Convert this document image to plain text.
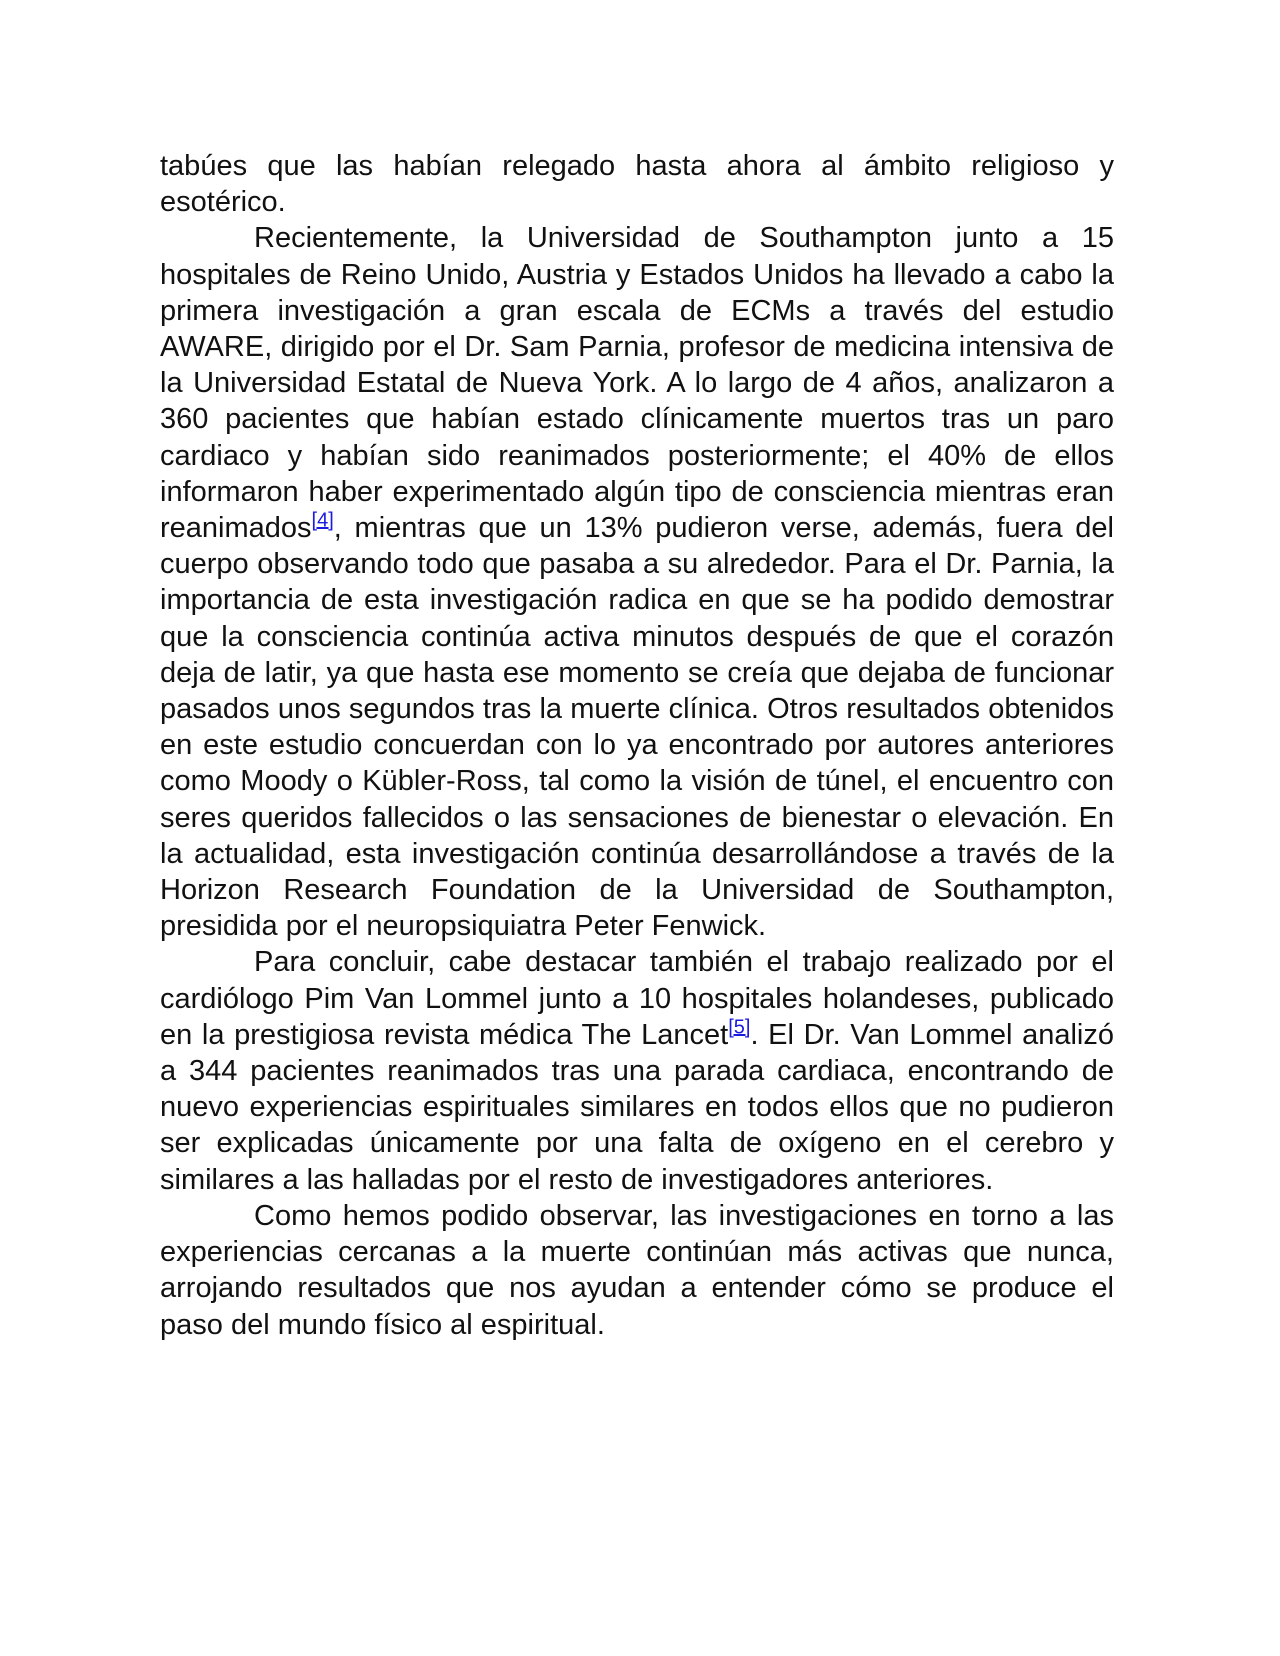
tabúes que las habían relegado hasta ahora al ámbito religioso y esotérico.

Recientemente, la Universidad de Southampton junto a 15 hospitales de Reino Unido, Austria y Estados Unidos ha llevado a cabo la primera investigación a gran escala de ECMs a través del estudio AWARE, dirigido por el Dr. Sam Parnia, profesor de medicina intensiva de la Universidad Estatal de Nueva York. A lo largo de 4 años, analizaron a 360 pacientes que habían estado clínicamente muertos tras un paro cardiaco y habían sido reanimados posteriormente; el 40% de ellos informaron haber experimentado algún tipo de consciencia mientras eran reanimados[4], mientras que un 13% pudieron verse, además, fuera del cuerpo observando todo que pasaba a su alrededor. Para el Dr. Parnia, la importancia de esta investigación radica en que se ha podido demostrar que la consciencia continúa activa minutos después de que el corazón deja de latir, ya que hasta ese momento se creía que dejaba de funcionar pasados unos segundos tras la muerte clínica. Otros resultados obtenidos en este estudio concuerdan con lo ya encontrado por autores anteriores como Moody o Kübler-Ross, tal como la visión de túnel, el encuentro con seres queridos fallecidos o las sensaciones de bienestar o elevación. En la actualidad, esta investigación continúa desarrollándose a través de la Horizon Research Foundation de la Universidad de Southampton, presidida por el neuropsiquiatra Peter Fenwick.

Para concluir, cabe destacar también el trabajo realizado por el cardiólogo Pim Van Lommel junto a 10 hospitales holandeses, publicado en la prestigiosa revista médica The Lancet[5]. El Dr. Van Lommel analizó a 344 pacientes reanimados tras una parada cardiaca, encontrando de nuevo experiencias espirituales similares en todos ellos que no pudieron ser explicadas únicamente por una falta de oxígeno en el cerebro y similares a las halladas por el resto de investigadores anteriores.

Como hemos podido observar, las investigaciones en torno a las experiencias cercanas a la muerte continúan más activas que nunca, arrojando resultados que nos ayudan a entender cómo se produce el paso del mundo físico al espiritual.
